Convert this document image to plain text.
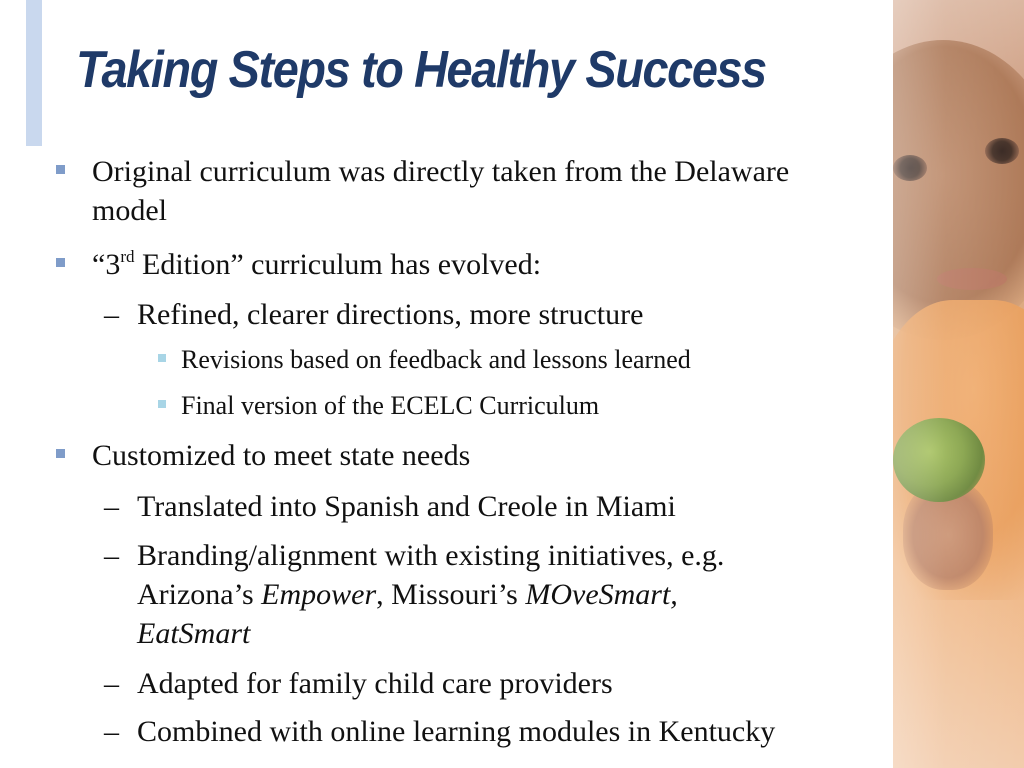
Taking Steps to Healthy Success
Original curriculum was directly taken from the Delaware
model
“3rd Edition” curriculum has evolved:
– Refined, clearer directions, more structure
Revisions based on feedback and lessons learned
Final version of the ECELC Curriculum
Customized to meet state needs
– Translated into Spanish and Creole in Miami
– Branding/alignment with existing initiatives, e.g.
Arizona’s Empower, Missouri’s MOveSmart,
EatSmart
– Adapted for family child care providers
– Combined with online learning modules in Kentucky
